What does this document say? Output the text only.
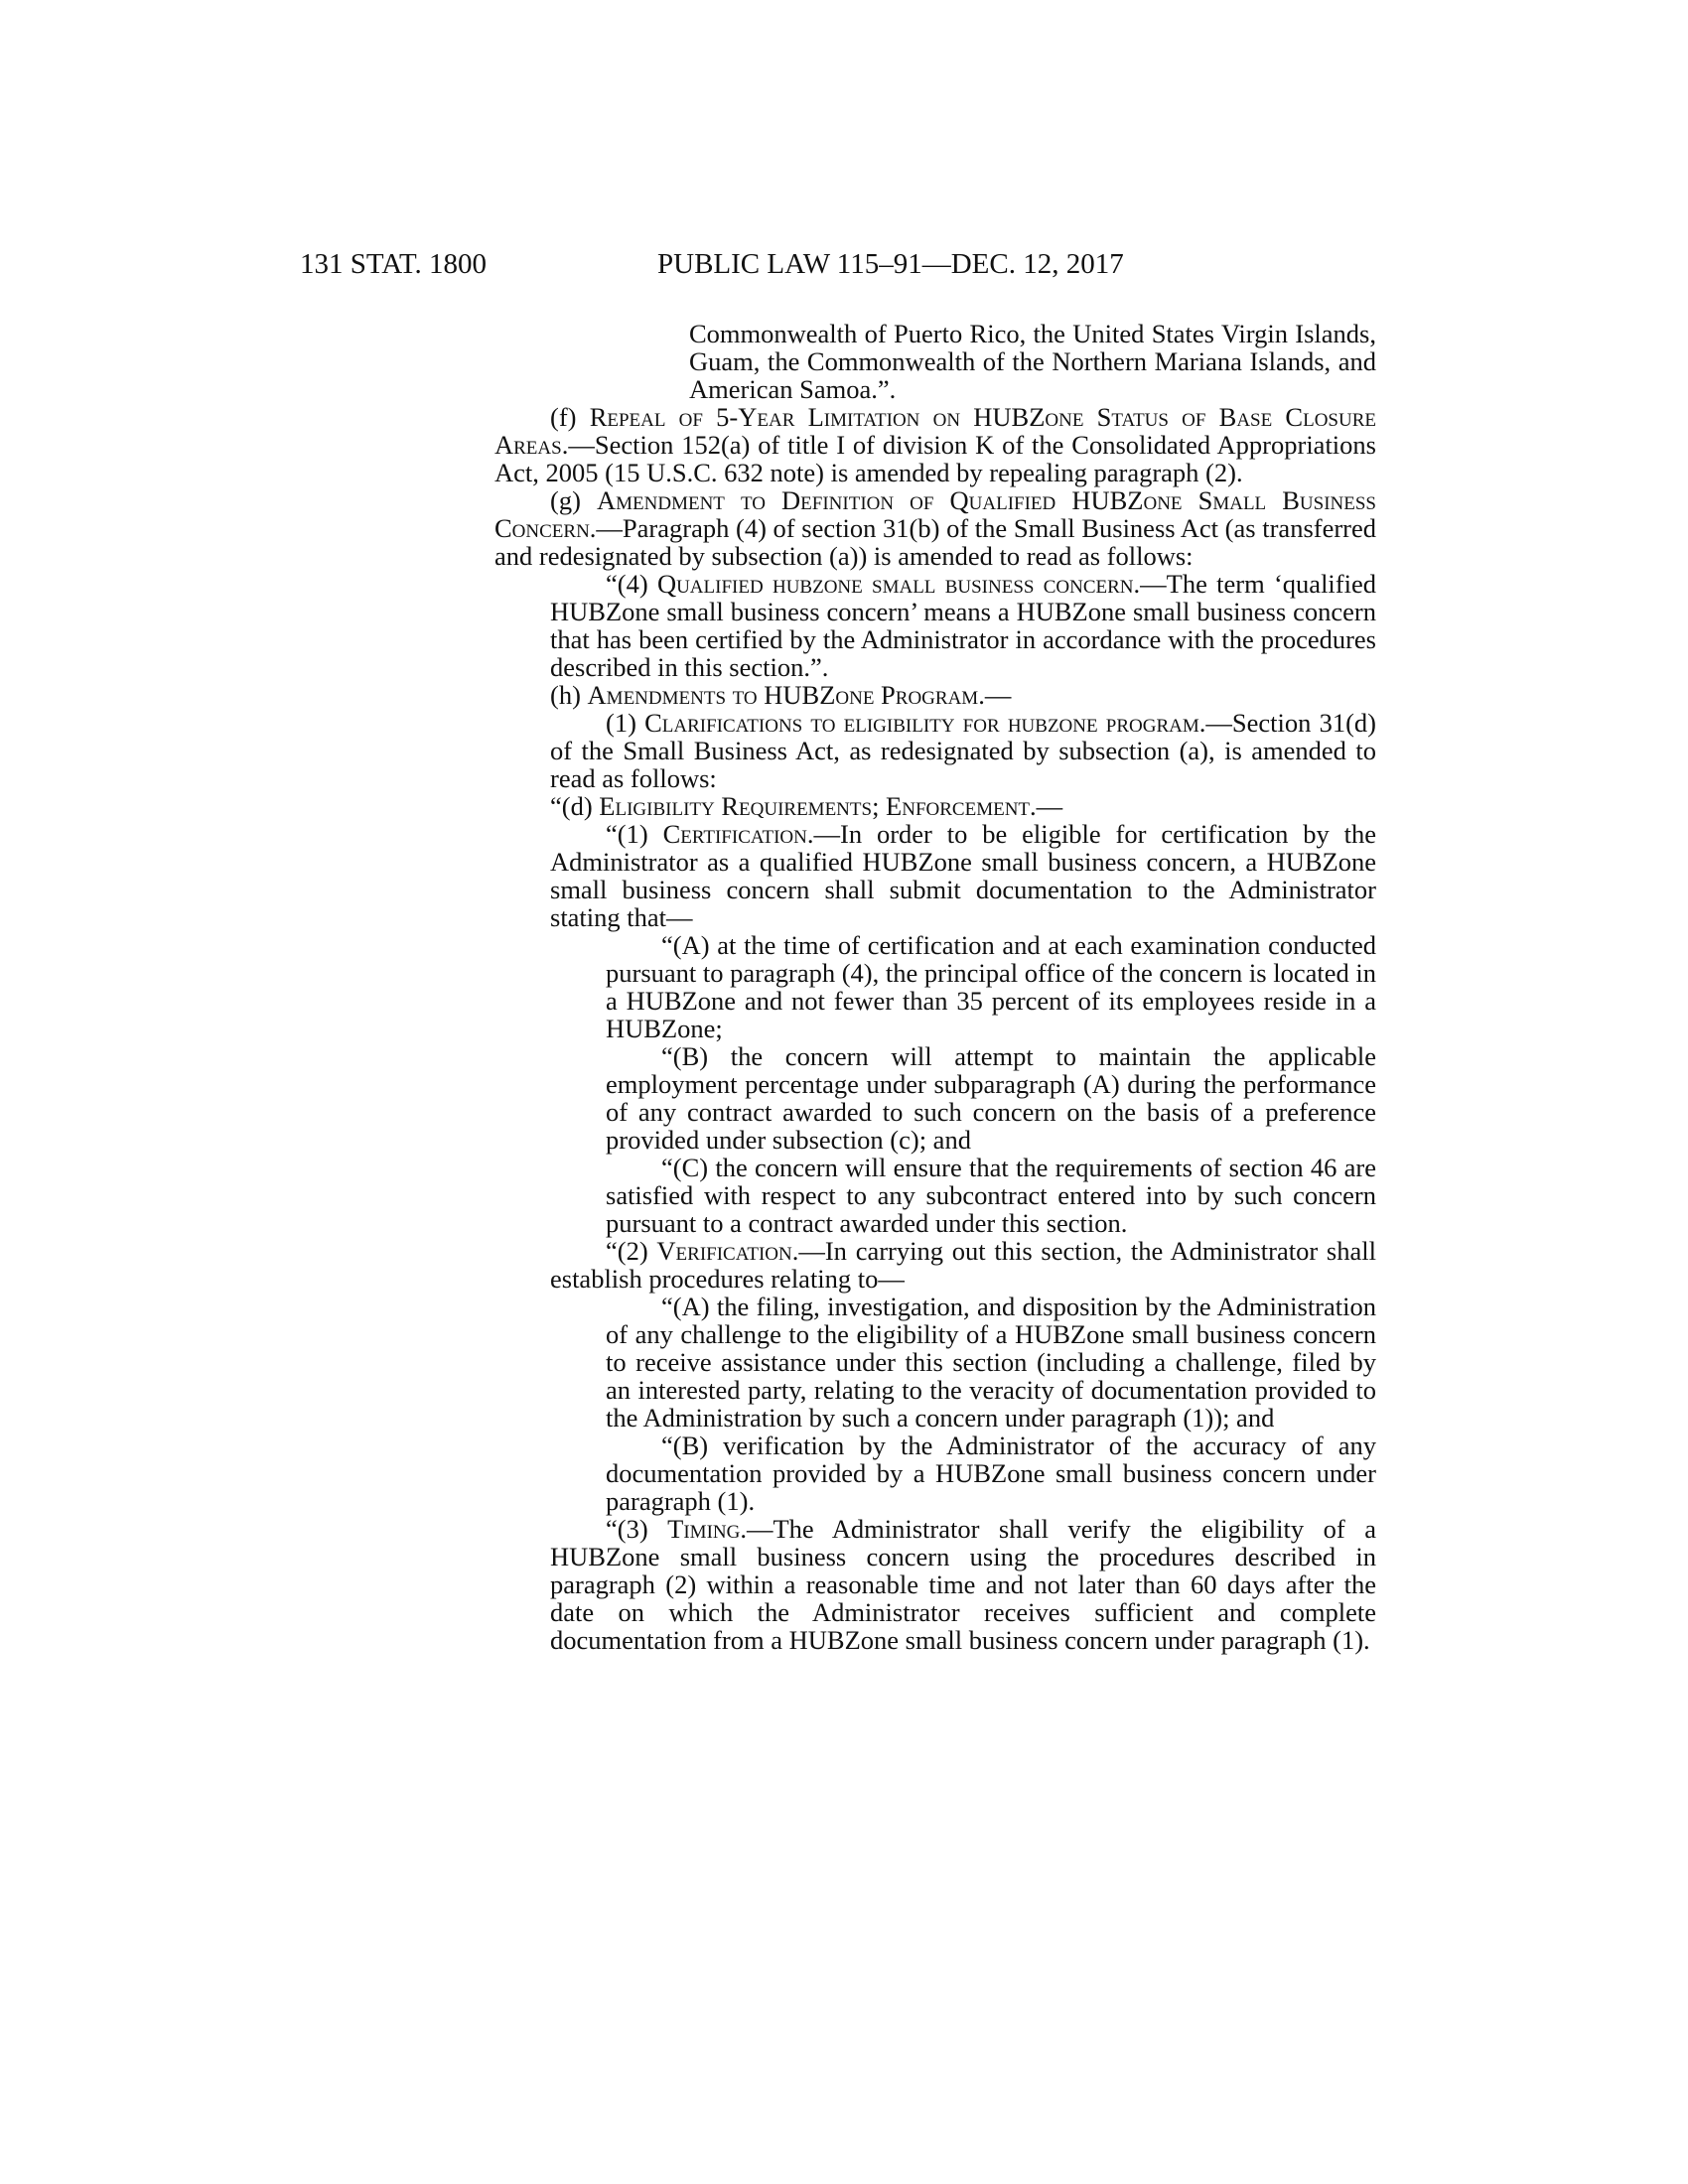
131 STAT. 1800	PUBLIC LAW 115–91—DEC. 12, 2017

Commonwealth of Puerto Rico, the United States Virgin Islands, Guam, the Commonwealth of the Northern Mariana Islands, and American Samoa.”.

(f) Repeal of 5-Year Limitation on HUBZone Status of Base Closure Areas.—Section 152(a) of title I of division K of the Consolidated Appropriations Act, 2005 (15 U.S.C. 632 note) is amended by repealing paragraph (2).

(g) Amendment to Definition of Qualified HUBZone Small Business Concern.—Paragraph (4) of section 31(b) of the Small Business Act (as transferred and redesignated by subsection (a)) is amended to read as follows:

“(4) Qualified hubzone small business concern.—The term ‘qualified HUBZone small business concern’ means a HUBZone small business concern that has been certified by the Administrator in accordance with the procedures described in this section.”.

(h) Amendments to HUBZone Program.—

(1) Clarifications to eligibility for hubzone program.—Section 31(d) of the Small Business Act, as redesignated by subsection (a), is amended to read as follows:

“(d) Eligibility Requirements; Enforcement.—

“(1) Certification.—In order to be eligible for certification by the Administrator as a qualified HUBZone small business concern, a HUBZone small business concern shall submit documentation to the Administrator stating that—

“(A) at the time of certification and at each examination conducted pursuant to paragraph (4), the principal office of the concern is located in a HUBZone and not fewer than 35 percent of its employees reside in a HUBZone;

“(B) the concern will attempt to maintain the applicable employment percentage under subparagraph (A) during the performance of any contract awarded to such concern on the basis of a preference provided under subsection (c); and

“(C) the concern will ensure that the requirements of section 46 are satisfied with respect to any subcontract entered into by such concern pursuant to a contract awarded under this section.

“(2) Verification.—In carrying out this section, the Administrator shall establish procedures relating to—

“(A) the filing, investigation, and disposition by the Administration of any challenge to the eligibility of a HUBZone small business concern to receive assistance under this section (including a challenge, filed by an interested party, relating to the veracity of documentation provided to the Administration by such a concern under paragraph (1)); and

“(B) verification by the Administrator of the accuracy of any documentation provided by a HUBZone small business concern under paragraph (1).

“(3) Timing.—The Administrator shall verify the eligibility of a HUBZone small business concern using the procedures described in paragraph (2) within a reasonable time and not later than 60 days after the date on which the Administrator receives sufficient and complete documentation from a HUBZone small business concern under paragraph (1).
